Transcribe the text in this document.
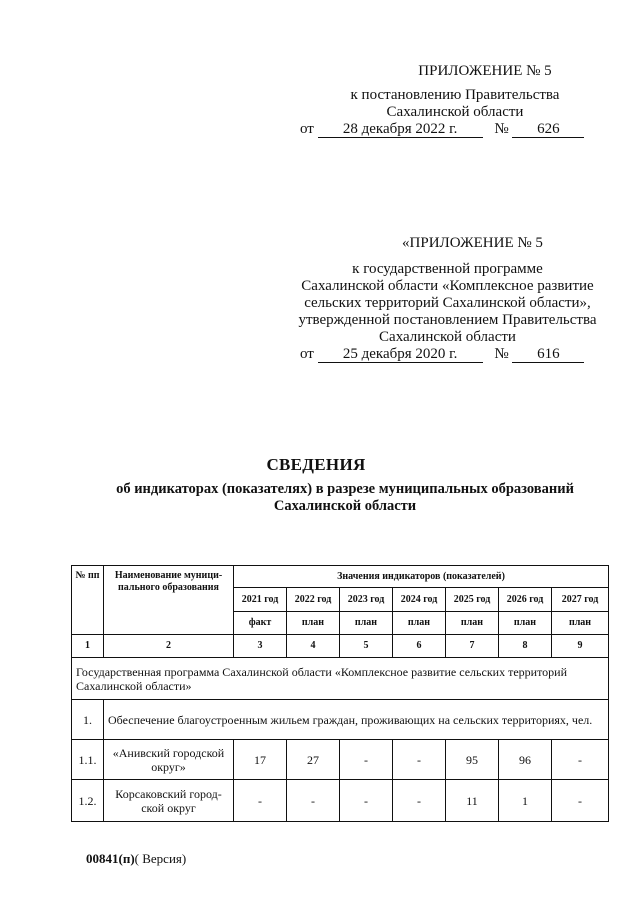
ПРИЛОЖЕНИЕ № 5
к постановлению Правительства
Сахалинской области
от 28 декабря 2022 г. № 626
«ПРИЛОЖЕНИЕ № 5
к государственной программе
Сахалинской области «Комплексное развитие
сельских территорий Сахалинской области»,
утвержденной постановлением Правительства
Сахалинской области
от 25 декабря 2020 г. № 616
СВЕДЕНИЯ
об индикаторах (показателях) в разрезе муниципальных образований
Сахалинской области
№ пп	Наименование муници-пального образования	Значения индикаторов (показателей)						
		2021 год	2022 год	2023 год	2024 год	2025 год	2026 год	2027 год
		факт	план	план	план	план	план	план
1	2	3	4	5	6	7	8	9
Государственная программа Сахалинской области «Комплексное развитие сельских территорий Сахалинской области»								
1.	Обеспечение благоустроенным жильем граждан, проживающих на сельских территориях, чел.							
1.1.	«Анивский городской округ»	17	27	-	-	95	96	-
1.2.	Корсаковский город-ской округ	-	-	-	-	11	1	-
00841(п)( Версия)
